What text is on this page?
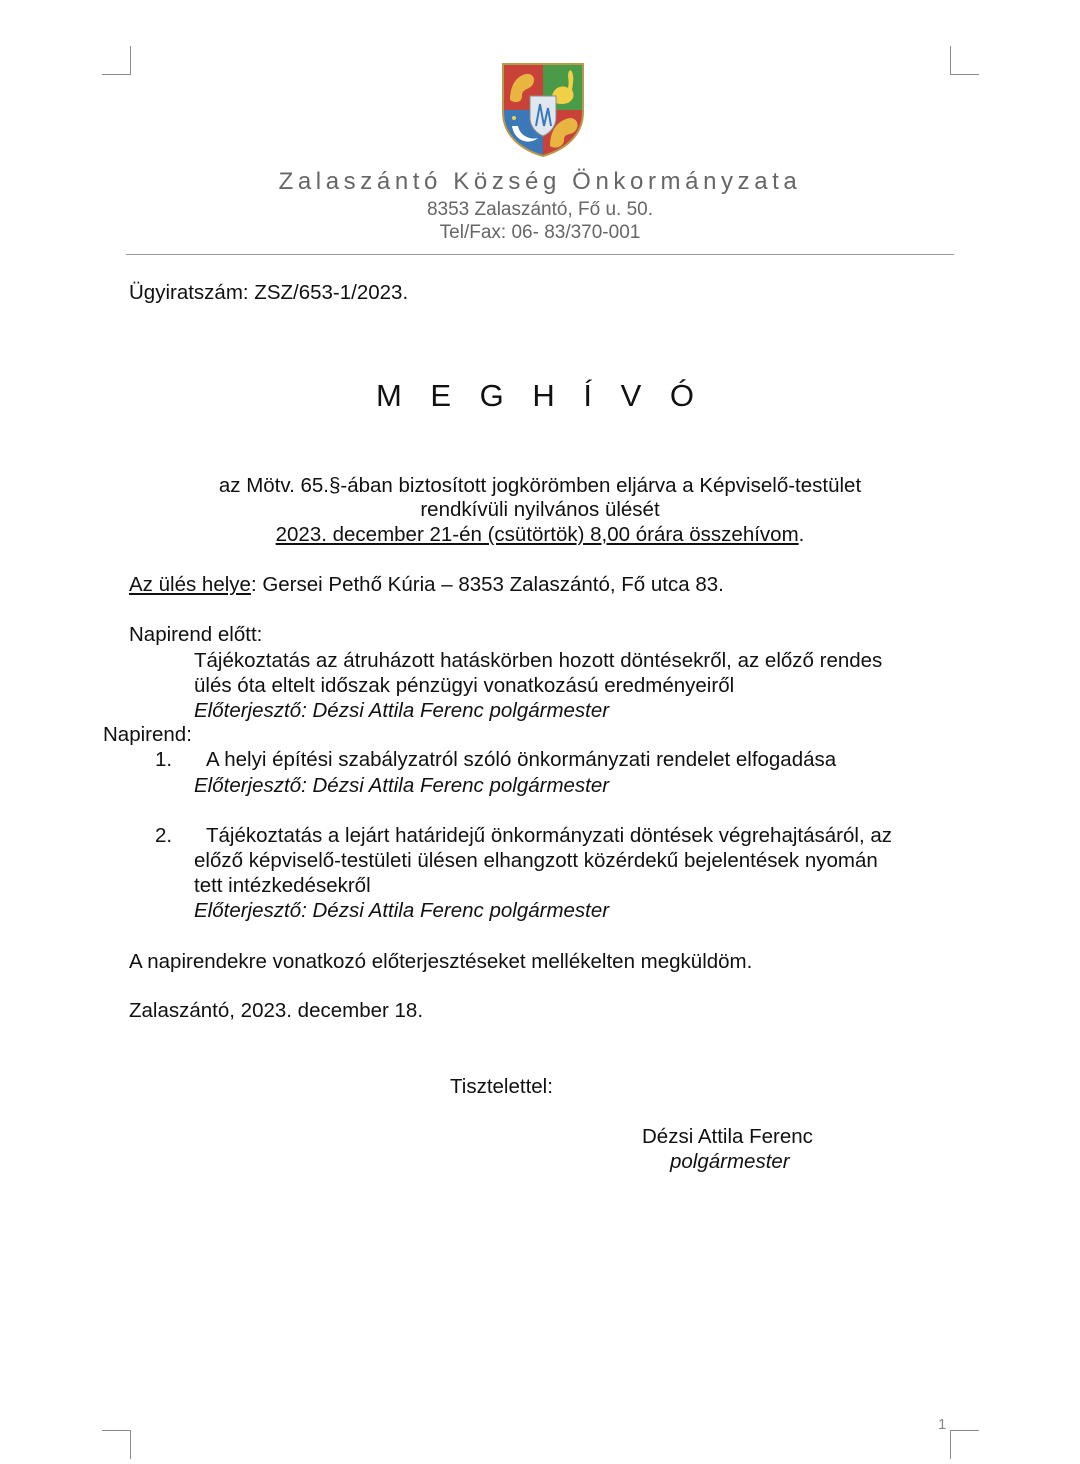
Zalaszántó Község Önkormányzata
8353 Zalaszántó, Fő u. 50.
Tel/Fax: 06- 83/370-001
Ügyiratszám: ZSZ/653-1/2023.
M E G H Í V Ó
az Mötv. 65.§-ában biztosított jogkörömben eljárva a Képviselő-testület
rendkívüli nyilvános ülését
2023. december 21-én (csütörtök) 8,00 órára összehívom.
Az ülés helye: Gersei Pethő Kúria – 8353 Zalaszántó, Fő utca 83.
Napirend előtt:
Tájékoztatás az átruházott hatáskörben hozott döntésekről, az előző rendes
ülés óta eltelt időszak pénzügyi vonatkozású eredményeiről
Előterjesztő: Dézsi Attila Ferenc polgármester
Napirend:
1. A helyi építési szabályzatról szóló önkormányzati rendelet elfogadása
Előterjesztő: Dézsi Attila Ferenc polgármester
2. Tájékoztatás a lejárt határidejű önkormányzati döntések végrehajtásáról, az
előző képviselő-testületi ülésen elhangzott közérdekű bejelentések nyomán
tett intézkedésekről
Előterjesztő: Dézsi Attila Ferenc polgármester
A napirendekre vonatkozó előterjesztéseket mellékelten megküldöm.
Zalaszántó, 2023. december 18.
Tisztelettel:
Dézsi Attila Ferenc
polgármester
1
